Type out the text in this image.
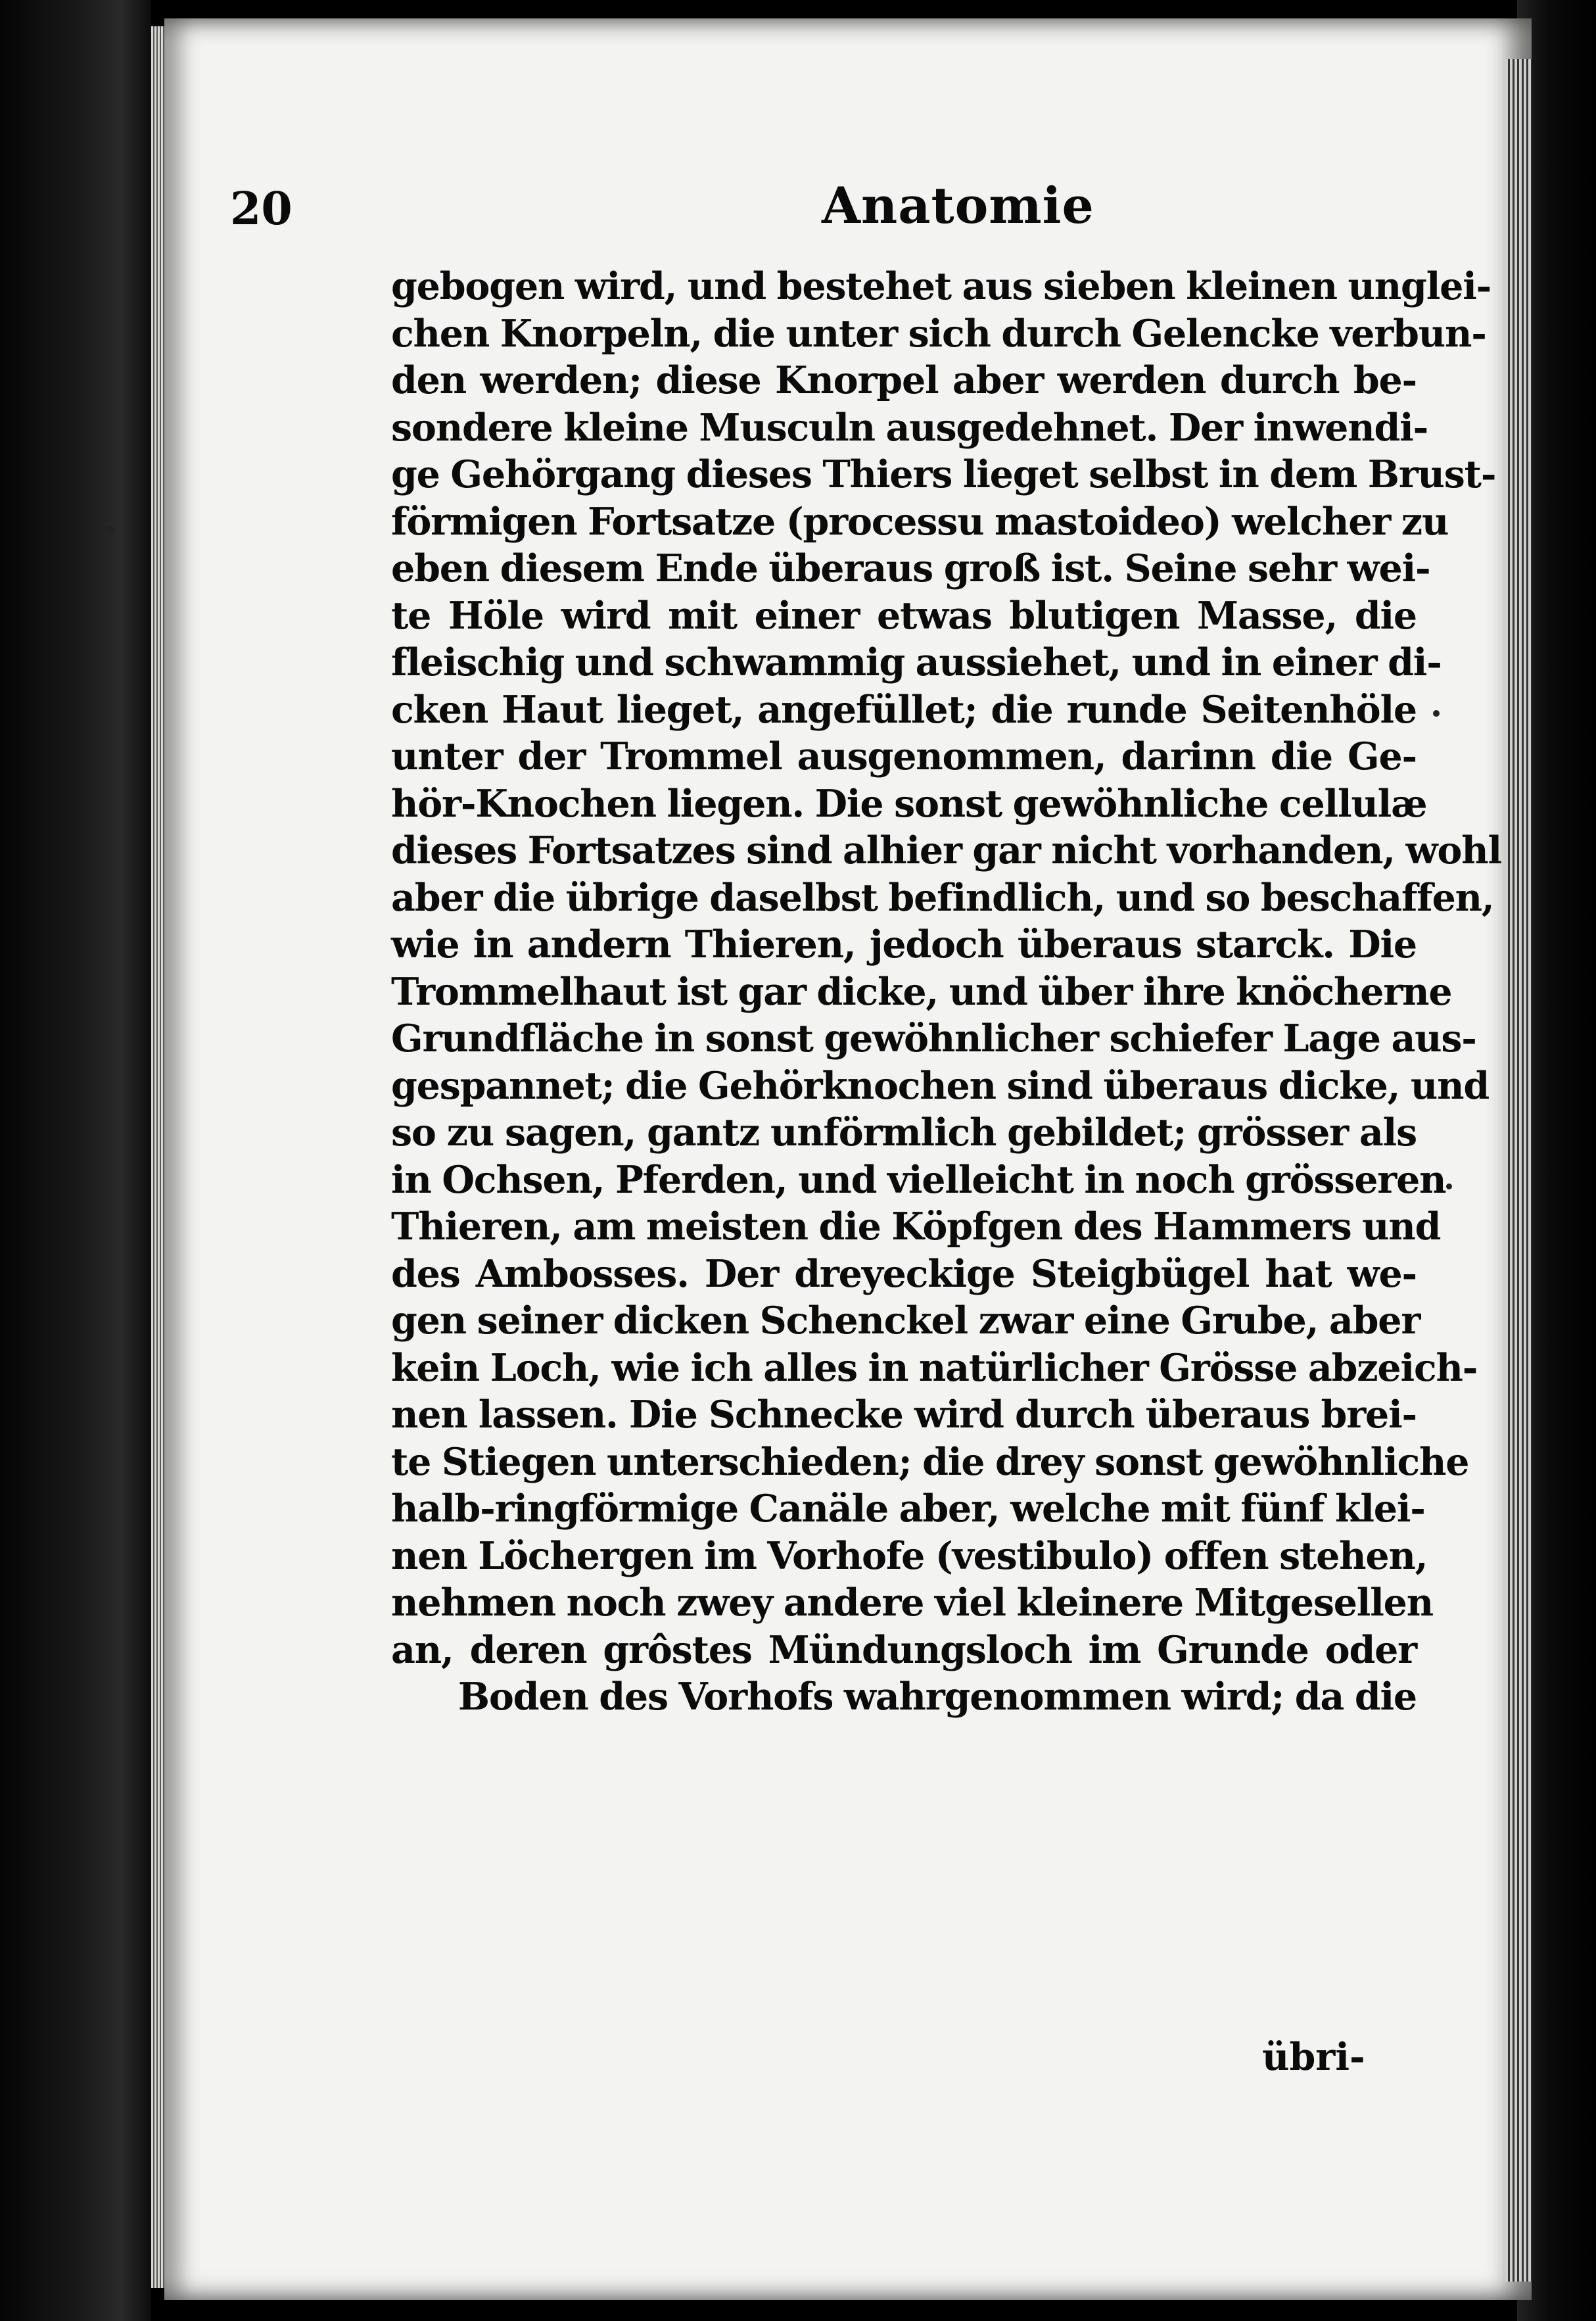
20	Anatomie
gebogen wird, und bestehet aus sieben kleinen unglei-
chen Knorpeln, die unter sich durch Gelencke verbun-
den werden; diese Knorpel aber werden durch be-
sondere kleine Musculn ausgedehnet. Der inwendi-
ge Gehörgang dieses Thiers lieget selbst in dem Brust-
förmigen Fortsatze (processu mastoideo) welcher zu
eben diesem Ende überaus groß ist. Seine sehr wei-
te Höle wird mit einer etwas blutigen Masse, die
fleischig und schwammig aussiehet, und in einer di-
cken Haut lieget, angefüllet; die runde Seitenhöle
unter der Trommel ausgenommen, darinn die Ge-
hör-Knochen liegen. Die sonst gewöhnliche cellulæ
dieses Fortsatzes sind alhier gar nicht vorhanden, wohl
aber die übrige daselbst befindlich, und so beschaffen,
wie in andern Thieren, jedoch überaus starck. Die
Trommelhaut ist gar dicke, und über ihre knöcherne
Grundfläche in sonst gewöhnlicher schiefer Lage aus-
gespannet; die Gehörknochen sind überaus dicke, und
so zu sagen, gantz unförmlich gebildet; grösser als
in Ochsen, Pferden, und vielleicht in noch grösseren
Thieren, am meisten die Köpfgen des Hammers und
des Ambosses. Der dreyeckige Steigbügel hat we-
gen seiner dicken Schenckel zwar eine Grube, aber
kein Loch, wie ich alles in natürlicher Grösse abzeich-
nen lassen. Die Schnecke wird durch überaus brei-
te Stiegen unterschieden; die drey sonst gewöhnliche
halb-ringförmige Canäle aber, welche mit fünf klei-
nen Löchergen im Vorhofe (vestibulo) offen stehen,
nehmen noch zwey andere viel kleinere Mitgesellen
an, deren grôstes Mündungsloch im Grunde oder
Boden des Vorhofs wahrgenommen wird; da die
übri-
